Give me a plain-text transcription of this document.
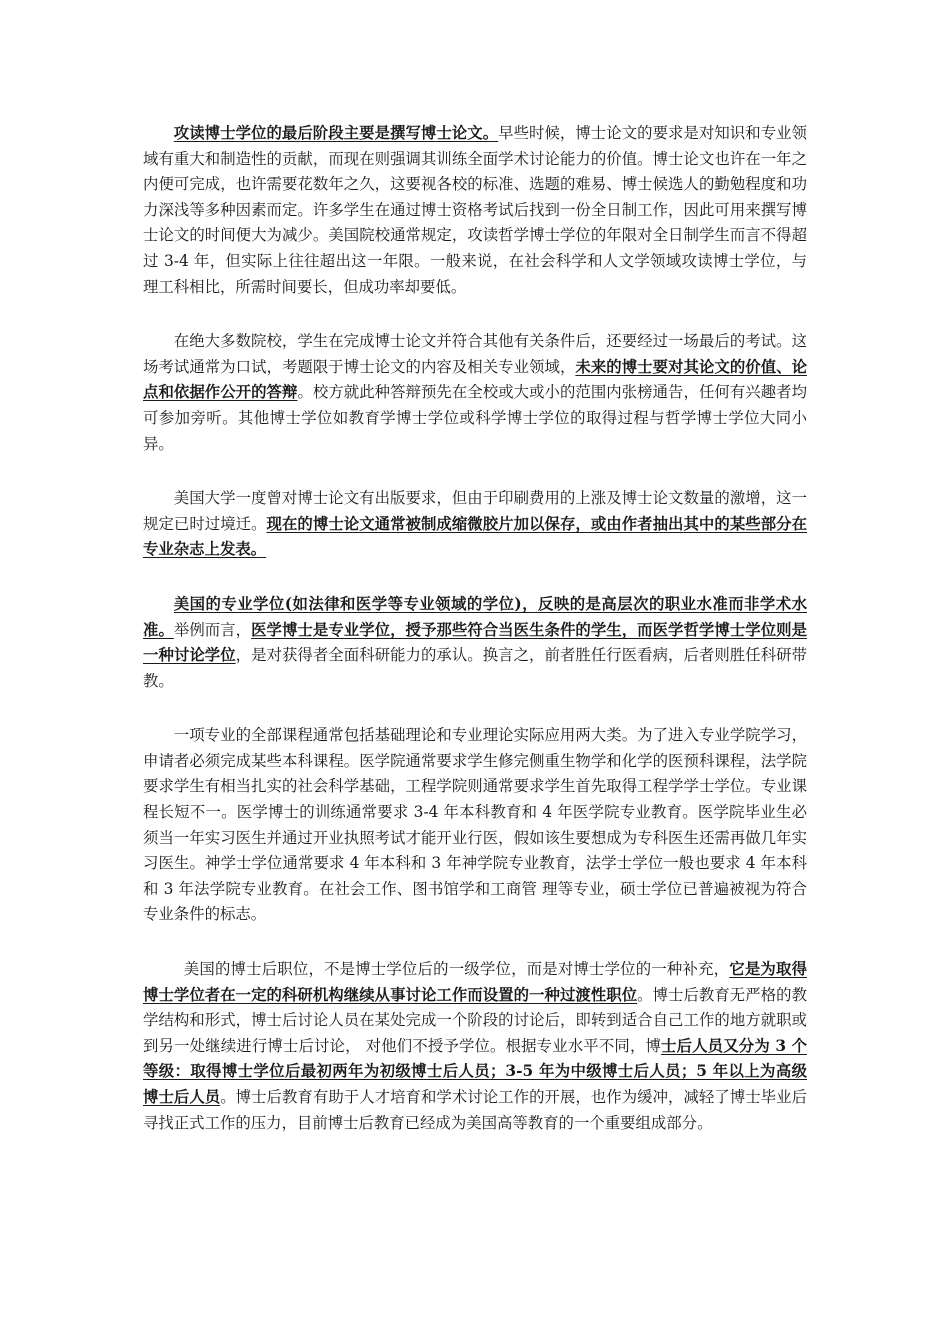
攻读博士学位的最后阶段主要是撰写博士论文。早些时候，博士论文的要求是对知识和专业领域有重大和制造性的贡献，而现在则强调其训练全面学术讨论能力的价值。博士论文也许在一年之内便可完成，也许需要花数年之久，这要视各校的标准、选题的难易、博士候选人的勤勉程度和功力深浅等多种因素而定。许多学生在通过博士资格考试后找到一份全日制工作，因此可用来撰写博士论文的时间便大为减少。美国院校通常规定，攻读哲学博士学位的年限对全日制学生而言不得超过 3-4 年，但实际上往往超出这一年限。一般来说，在社会科学和人文学领域攻读博士学位，与理工科相比，所需时间要长，但成功率却要低。

在绝大多数院校，学生在完成博士论文并符合其他有关条件后，还要经过一场最后的考试。这场考试通常为口试，考题限于博士论文的内容及相关专业领域，未来的博士要对其论文的价值、论点和依据作公开的答辩。校方就此种答辩预先在全校或大或小的范围内张榜通告，任何有兴趣者均可参加旁听。其他博士学位如教育学博士学位或科学博士学位的取得过程与哲学博士学位大同小异。

美国大学一度曾对博士论文有出版要求，但由于印刷费用的上涨及博士论文数量的激增，这一规定已时过境迁。现在的博士论文通常被制成缩微胶片加以保存，或由作者抽出其中的某些部分在专业杂志上发表。

美国的专业学位(如法律和医学等专业领域的学位)，反映的是高层次的职业水准而非学术水准。举例而言，医学博士是专业学位，授予那些符合当医生条件的学生，而医学哲学博士学位则是一种讨论学位，是对获得者全面科研能力的承认。换言之，前者胜任行医看病，后者则胜任科研带教。

一项专业的全部课程通常包括基础理论和专业理论实际应用两大类。为了进入专业学院学习，申请者必须完成某些本科课程。医学院通常要求学生修完侧重生物学和化学的医预科课程，法学院要求学生有相当扎实的社会科学基础，工程学院则通常要求学生首先取得工程学学士学位。专业课程长短不一。医学博士的训练通常要求 3-4 年本科教育和 4 年医学院专业教育。医学院毕业生必须当一年实习医生并通过开业执照考试才能开业行医，假如该生要想成为专科医生还需再做几年实习医生。神学士学位通常要求 4 年本科和 3 年神学院专业教育，法学士学位一般也要求 4 年本科和 3 年法学院专业教育。在社会工作、图书馆学和工商管 理等专业，硕士学位已普遍被视为符合专业条件的标志。

美国的博士后职位，不是博士学位后的一级学位，而是对博士学位的一种补充，它是为取得博士学位者在一定的科研机构继续从事讨论工作而设置的一种过渡性职位。博士后教育无严格的教学结构和形式，博士后讨论人员在某处完成一个阶段的讨论后，即转到适合自己工作的地方就职或到另一处继续进行博士后讨论， 对他们不授予学位。根据专业水平不同，博士后人员又分为 3 个等级：取得博士学位后最初两年为初级博士后人员；3-5 年为中级博士后人员；5 年以上为高级博士后人员。博士后教育有助于人才培育和学术讨论工作的开展，也作为缓冲，减轻了博士毕业后寻找正式工作的压力，目前博士后教育已经成为美国高等教育的一个重要组成部分。
